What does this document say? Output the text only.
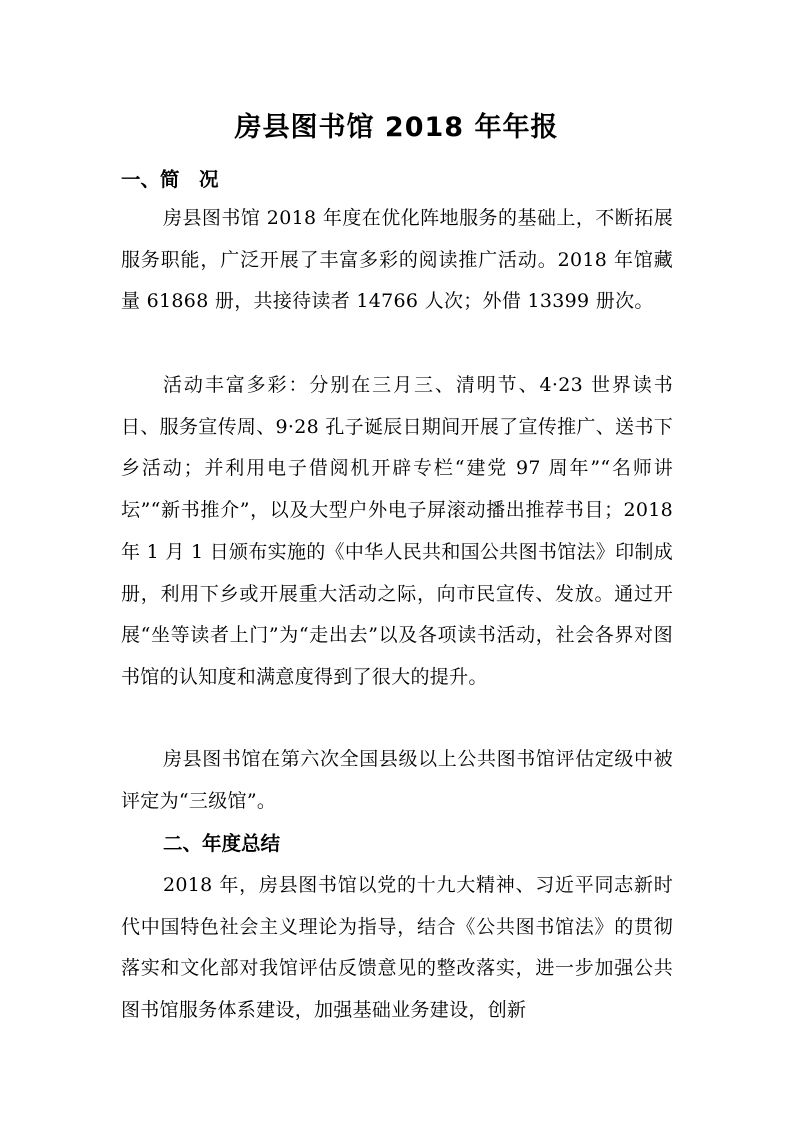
房县图书馆 2018 年年报
一、简　况

房县图书馆 2018 年度在优化阵地服务的基础上，不断拓展服务职能，广泛开展了丰富多彩的阅读推广活动。2018 年馆藏量 61868 册，共接待读者 14766 人次；外借 13399 册次。

活动丰富多彩：分别在三月三、清明节、4·23 世界读书日、服务宣传周、9·28 孔子诞辰日期间开展了宣传推广、送书下乡活动；并利用电子借阅机开辟专栏“建党 97 周年”“名师讲坛”“新书推介”，以及大型户外电子屏滚动播出推荐书目；2018 年 1 月 1 日颁布实施的《中华人民共和国公共图书馆法》印制成册，利用下乡或开展重大活动之际，向市民宣传、发放。通过开展“坐等读者上门”为“走出去”以及各项读书活动，社会各界对图书馆的认知度和满意度得到了很大的提升。

房县图书馆在第六次全国县级以上公共图书馆评估定级中被评定为“三级馆”。

二、年度总结

2018 年，房县图书馆以党的十九大精神、习近平同志新时代中国特色社会主义理论为指导，结合《公共图书馆法》的贯彻落实和文化部对我馆评估反馈意见的整改落实，进一步加强公共图书馆服务体系建设，加强基础业务建设，创新
